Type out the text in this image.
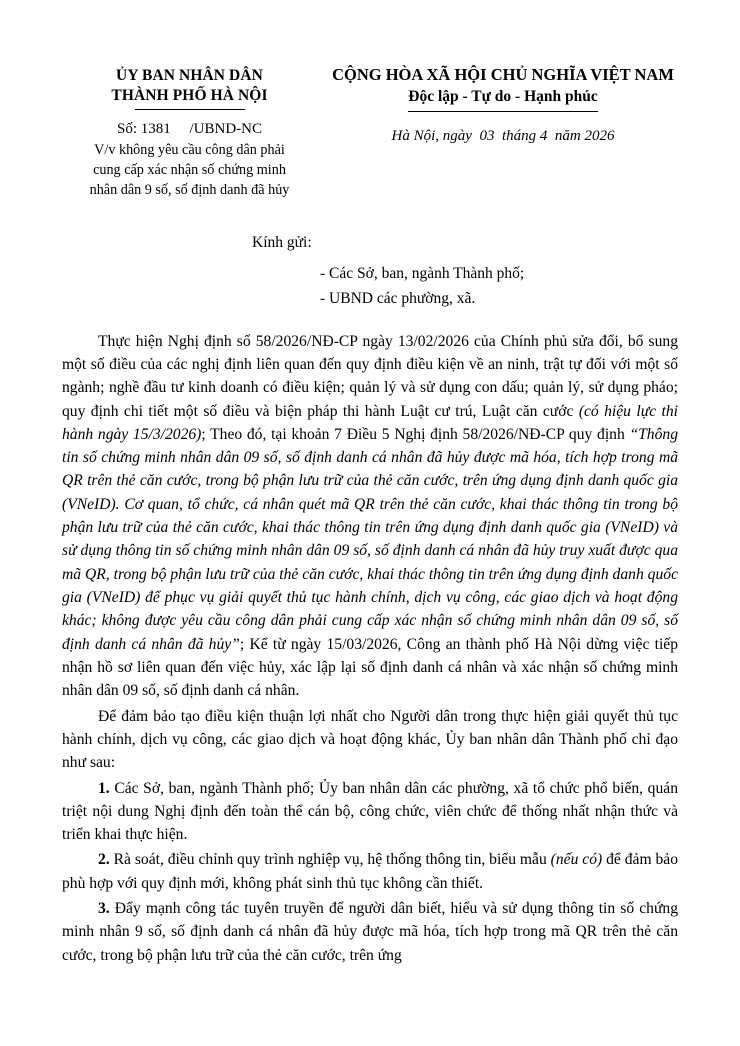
ỦY BAN NHÂN DÂN
THÀNH PHỐ HÀ NỘI
Số: 1381     /UBND-NC
V/v không yêu cầu công dân phải
cung cấp xác nhận số chứng minh
nhân dân 9 số, số định danh đã hủy
CỘNG HÒA XÃ HỘI CHỦ NGHĨA VIỆT NAM
Độc lập - Tự do - Hạnh phúc
Hà Nội, ngày  03  tháng 4  năm 2026
Kính gửi:
- Các Sở, ban, ngành Thành phố;
- UBND các phường, xã.

Thực hiện Nghị định số 58/2026/NĐ-CP ngày 13/02/2026 của Chính phủ sửa đổi, bổ sung một số điều của các nghị định liên quan đến quy định điều kiện về an ninh, trật tự đối với một số ngành; nghề đầu tư kinh doanh có điều kiện; quản lý và sử dụng con dấu; quản lý, sử dụng pháo; quy định chi tiết một số điều và biện pháp thi hành Luật cư trú, Luật căn cước (có hiệu lực thi hành ngày 15/3/2026); Theo đó, tại khoản 7 Điều 5 Nghị định 58/2026/NĐ-CP quy định “Thông tin số chứng minh nhân dân 09 số, số định danh cá nhân đã hủy được mã hóa, tích hợp trong mã QR trên thẻ căn cước, trong bộ phận lưu trữ của thẻ căn cước, trên ứng dụng định danh quốc gia (VNeID). Cơ quan, tổ chức, cá nhân quét mã QR trên thẻ căn cước, khai thác thông tin trong bộ phận lưu trữ của thẻ căn cước, khai thác thông tin trên ứng dụng định danh quốc gia (VNeID) và sử dụng thông tin số chứng minh nhân dân 09 số, số định danh cá nhân đã hủy truy xuất được qua mã QR, trong bộ phận lưu trữ của thẻ căn cước, khai thác thông tin trên ứng dụng định danh quốc gia (VNeID) để phục vụ giải quyết thủ tục hành chính, dịch vụ công, các giao dịch và hoạt động khác; không được yêu cầu công dân phải cung cấp xác nhận số chứng minh nhân dân 09 số, số định danh cá nhân đã hủy”; Kể từ ngày 15/03/2026, Công an thành phố Hà Nội dừng việc tiếp nhận hồ sơ liên quan đến việc hủy, xác lập lại số định danh cá nhân và xác nhận số chứng minh nhân dân 09 số, số định danh cá nhân.

Để đảm bảo tạo điều kiện thuận lợi nhất cho Người dân trong thực hiện giải quyết thủ tục hành chính, dịch vụ công, các giao dịch và hoạt động khác, Ủy ban nhân dân Thành phố chỉ đạo như sau:

1. Các Sở, ban, ngành Thành phố; Ủy ban nhân dân các phường, xã tổ chức phổ biến, quán triệt nội dung Nghị định đến toàn thể cán bộ, công chức, viên chức để thống nhất nhận thức và triển khai thực hiện.

2. Rà soát, điều chỉnh quy trình nghiệp vụ, hệ thống thông tin, biểu mẫu (nếu có) để đảm bảo phù hợp với quy định mới, không phát sinh thủ tục không cần thiết.

3. Đẩy mạnh công tác tuyên truyền để người dân biết, hiểu và sử dụng thông tin số chứng minh nhân 9 số, số định danh cá nhân đã hủy được mã hóa, tích hợp trong mã QR trên thẻ căn cước, trong bộ phận lưu trữ của thẻ căn cước, trên ứng
